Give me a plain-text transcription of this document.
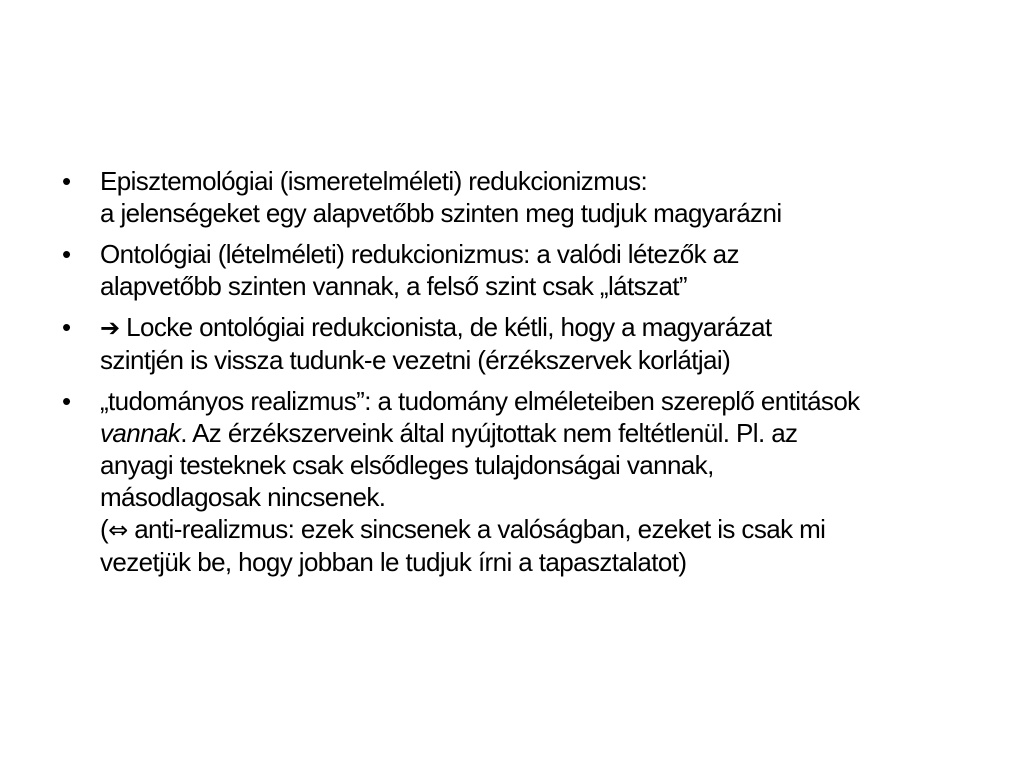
•	Episztemológiai (ismeretelméleti) redukcionizmus:
a jelenségeket egy alapvetőbb szinten meg tudjuk magyarázni
•	Ontológiai (lételméleti) redukcionizmus: a valódi létezők az
alapvetőbb szinten vannak, a felső szint csak „látszat”
•	➔ Locke ontológiai redukcionista, de kétli, hogy a magyarázat
szintjén is vissza tudunk-e vezetni (érzékszervek korlátjai)
•	„tudományos realizmus”: a tudomány elméleteiben szereplő entitások
vannak. Az érzékszerveink által nyújtottak nem feltétlenül. Pl. az
anyagi testeknek csak elsődleges tulajdonságai vannak,
másodlagosak nincsenek.
(⇔ anti-realizmus: ezek sincsenek a valóságban, ezeket is csak mi
vezetjük be, hogy jobban le tudjuk írni a tapasztalatot)
